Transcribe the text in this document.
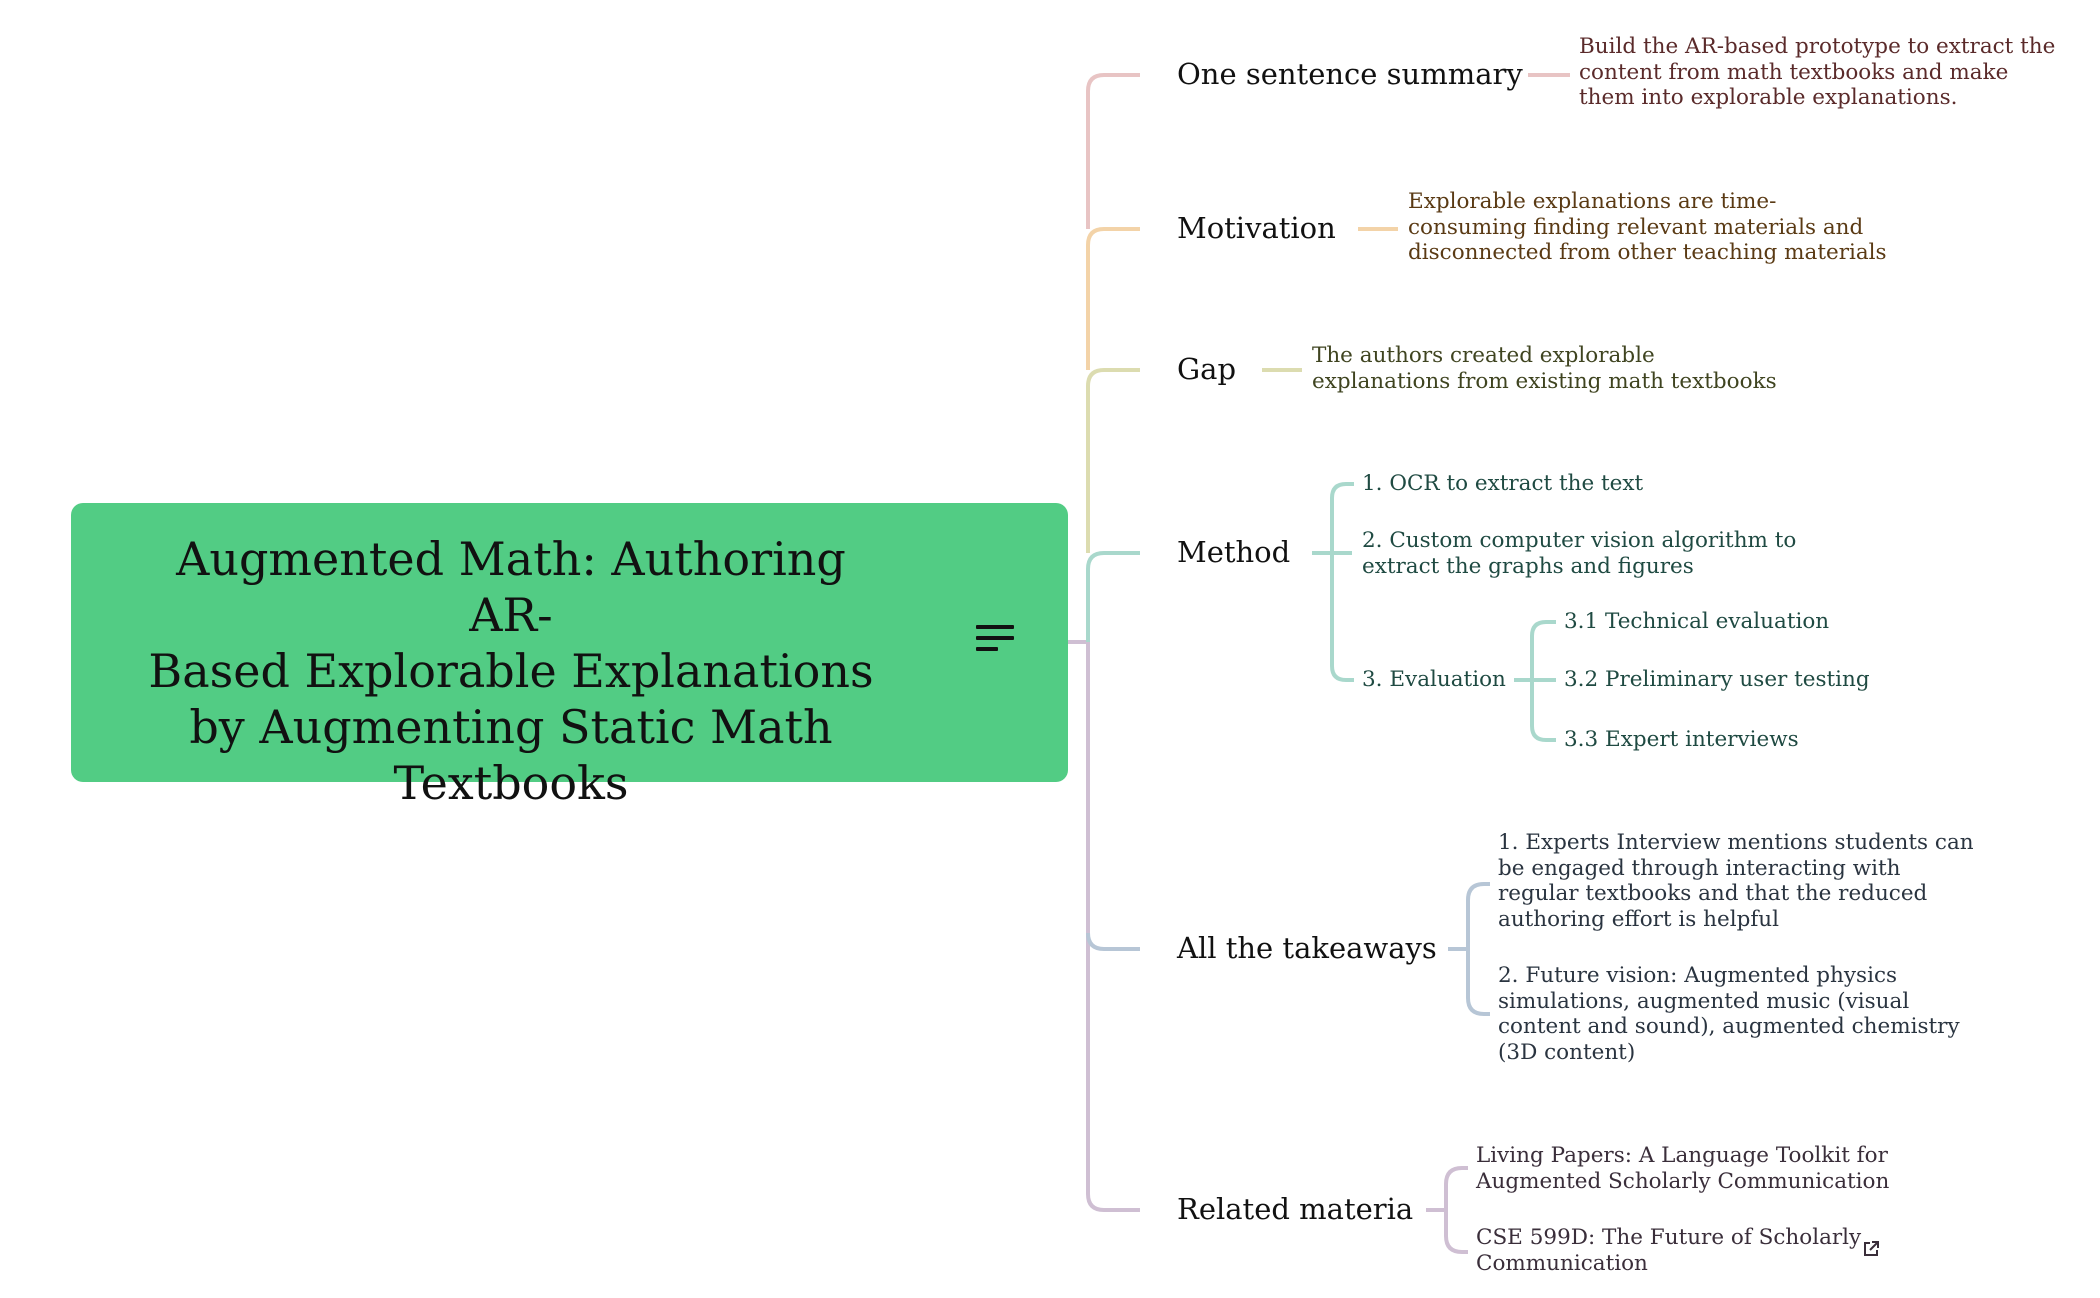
Augmented Math: Authoring AR-
Based Explorable Explanations
by Augmenting Static Math
Textbooks
One sentence summary
Build the AR-based prototype to extract the
content from math textbooks and make
them into explorable explanations.
Motivation
Explorable explanations are time-
consuming finding relevant materials and
disconnected from other teaching materials
Gap	The authors created explorable
explanations from existing math textbooks
Method
1. OCR to extract the text
2. Custom computer vision algorithm to
extract the graphs and figures
3. Evaluation
3.1 Technical evaluation
3.2 Preliminary user testing
3.3 Expert interviews
All the takeaways
1. Experts Interview mentions students can
be engaged through interacting with
regular textbooks and that the reduced
authoring effort is helpful
2. Future vision: Augmented physics
simulations, augmented music (visual
content and sound), augmented chemistry
(3D content)
Related materia
Living Papers: A Language Toolkit for
Augmented Scholarly Communication
CSE 599D: The Future of Scholarly
Communication
